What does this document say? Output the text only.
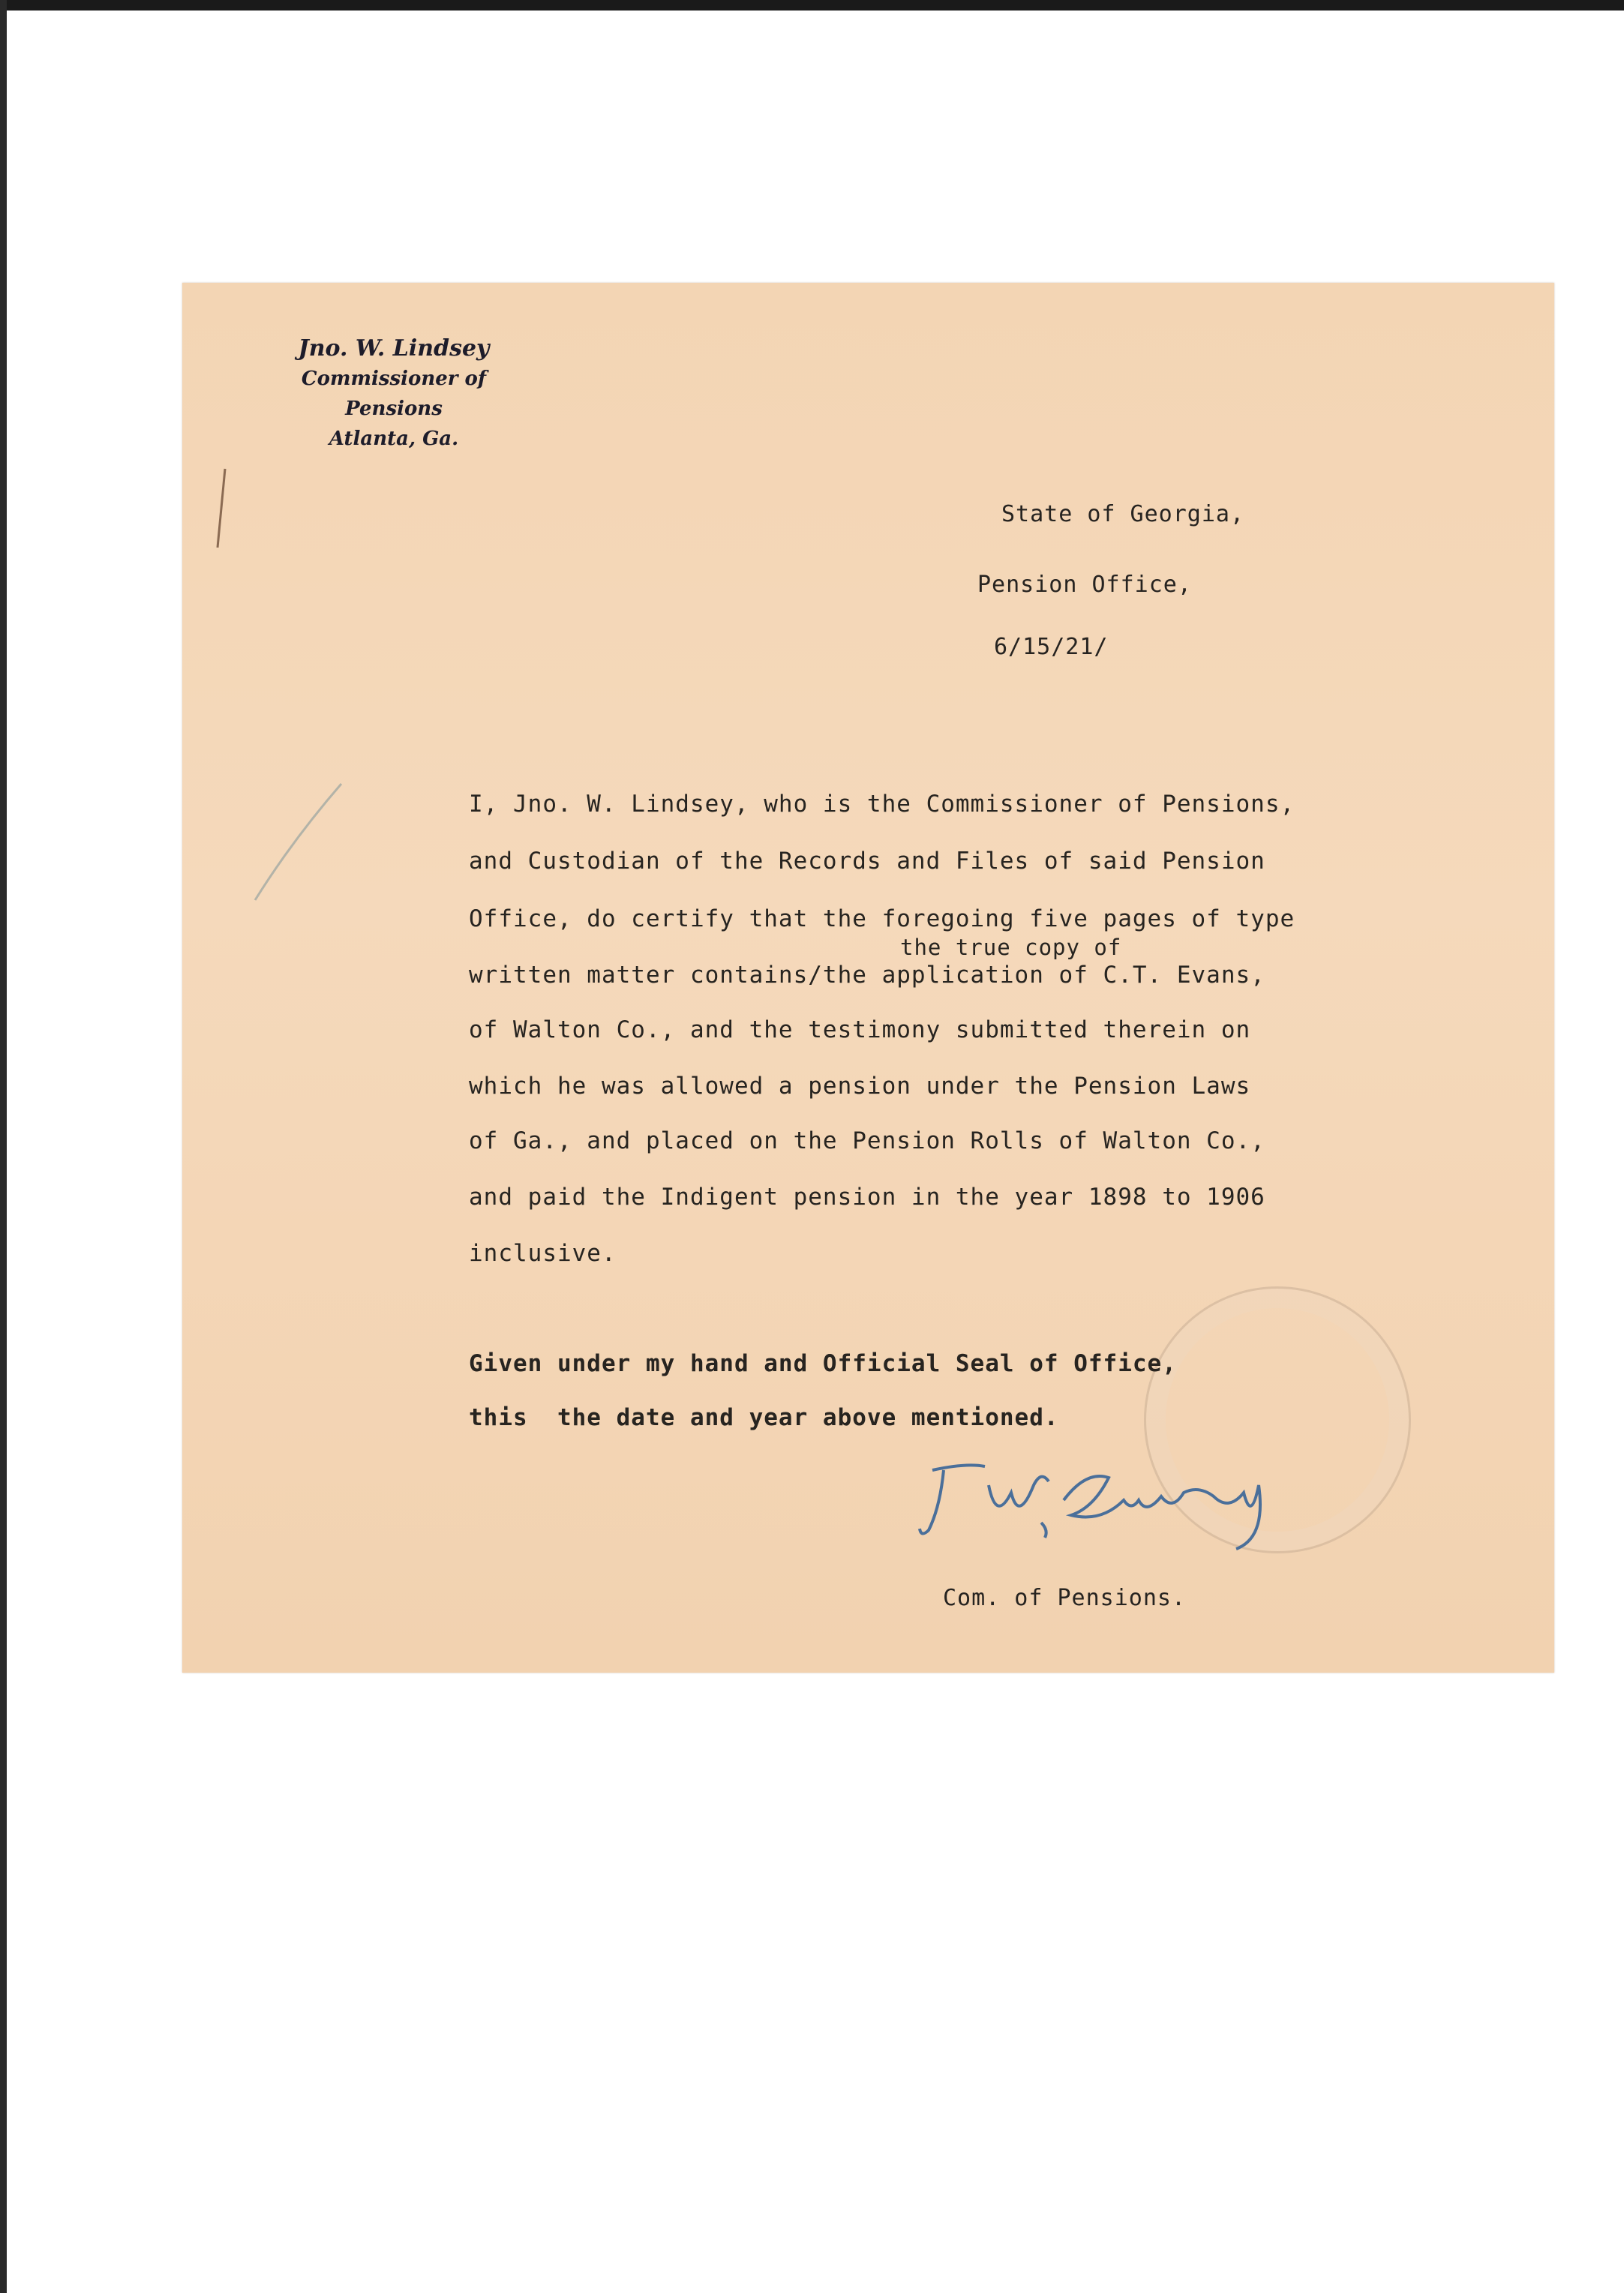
Jno. W. Lindsey
Commissioner of Pensions
Atlanta, Ga.
State of Georgia,
Pension Office,
6/15/21/
the true copy of
I, Jno. W. Lindsey, who is the Commissioner of Pensions,
and Custodian of the Records and Files of said Pension
Office, do certify that the foregoing five pages of type
written matter contains/the application of C.T. Evans,
of Walton Co., and the testimony submitted therein on
which he was allowed a pension under the Pension Laws
of Ga., and placed on the Pension Rolls of Walton Co.,
and paid the Indigent pension in the year 1898 to 1906
inclusive.
Given under my hand and Official Seal of Office,
this  the date and year above mentioned.
Com. of Pensions.
